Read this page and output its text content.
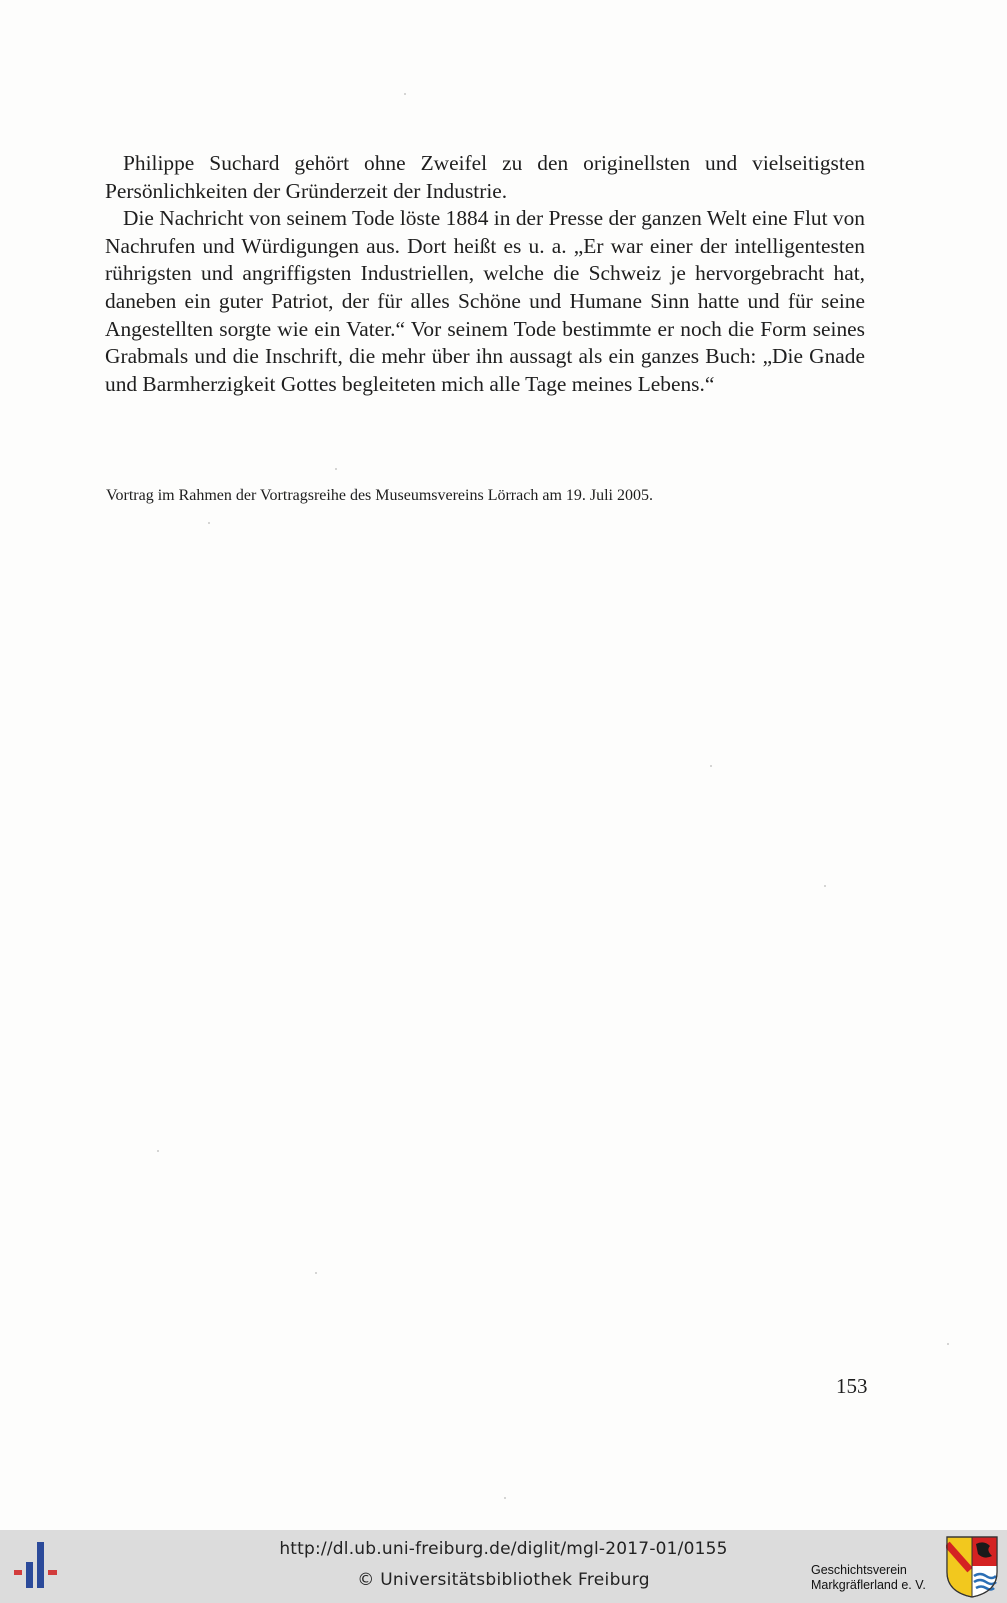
Philippe Suchard gehört ohne Zweifel zu den originellsten und vielseitigsten Persönlichkeiten der Gründerzeit der Industrie.

Die Nachricht von seinem Tode löste 1884 in der Presse der ganzen Welt eine Flut von Nachrufen und Würdigungen aus. Dort heißt es u. a. „Er war einer der intelligentesten rührigsten und angriffigsten Industriellen, welche die Schweiz je hervorgebracht hat, daneben ein guter Patriot, der für alles Schöne und Humane Sinn hatte und für seine Angestellten sorgte wie ein Vater.“ Vor seinem Tode bestimmte er noch die Form seines Grabmals und die Inschrift, die mehr über ihn aussagt als ein ganzes Buch: „Die Gnade und Barmherzigkeit Gottes begleiteten mich alle Tage meines Lebens.“

Vortrag im Rahmen der Vortragsreihe des Museumsvereins Lörrach am 19. Juli 2005.
153
http://dl.ub.uni-freiburg.de/diglit/mgl-2017-01/0155
© Universitätsbibliothek Freiburg	Geschichtsverein
Markgräflerland e. V.
